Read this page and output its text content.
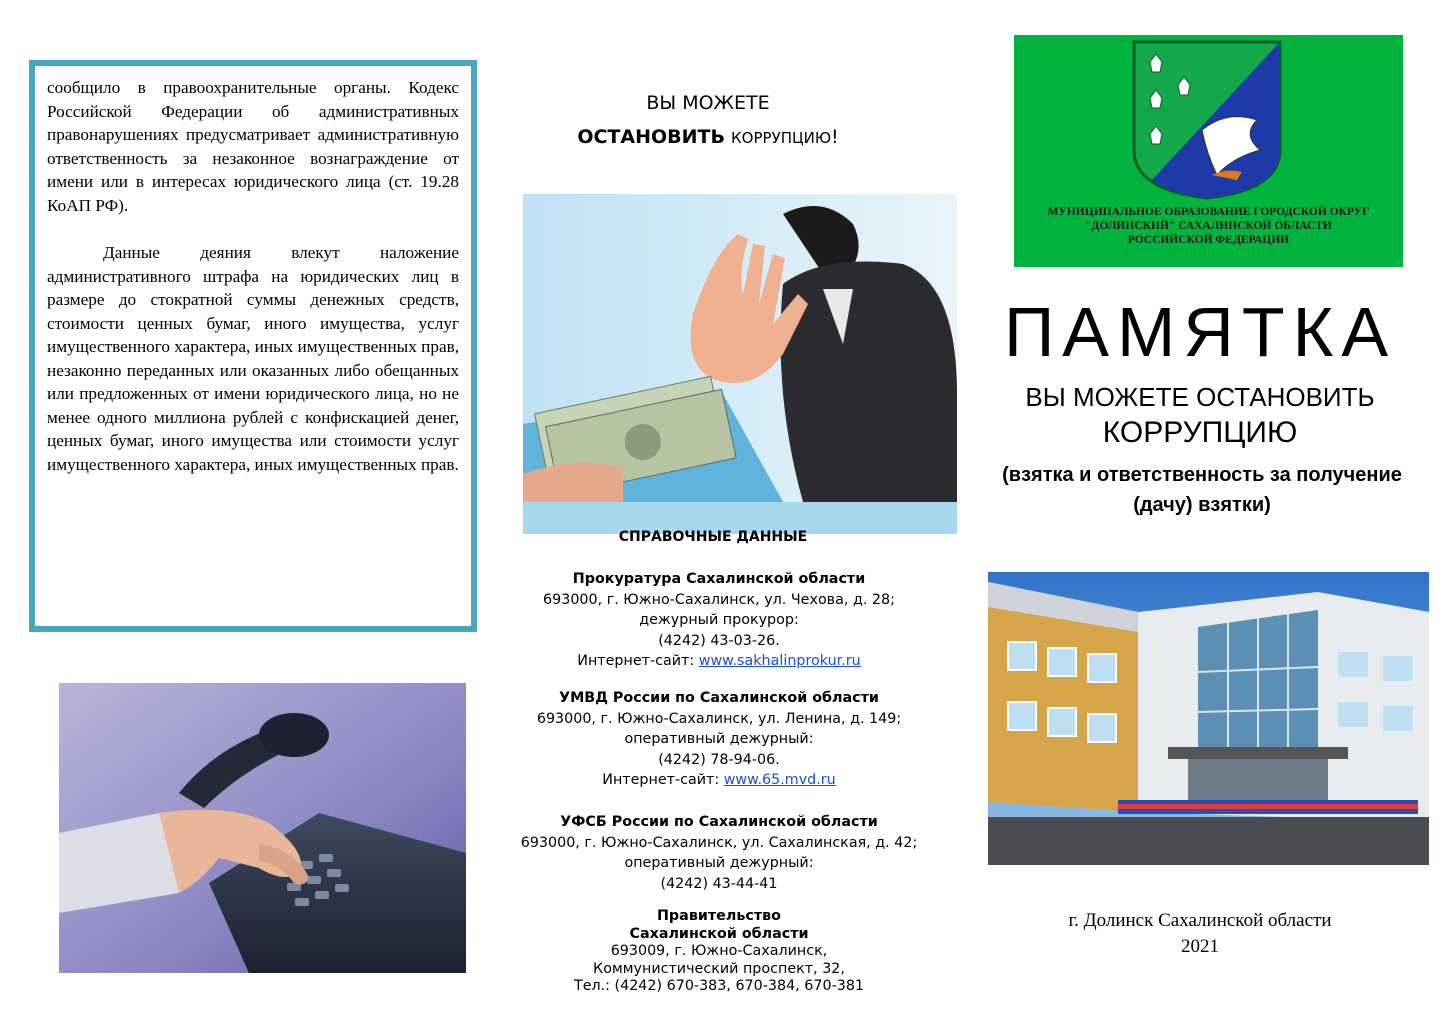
сообщило в правоохранительные органы. Кодекс Российской Федерации об административных правонарушениях предусматривает административную ответственность за незаконное вознаграждение от имени или в интересах юридического лица (ст. 19.28 КоАП РФ).

Данные деяния влекут наложение административного штрафа на юридических лиц в размере до стократной суммы денежных средств, стоимости ценных бумаг, иного имущества, услуг имущественного характера, иных имущественных прав, незаконно переданных или оказанных либо обещанных или предложенных от имени юридического лица, но не менее одного миллиона рублей с конфискацией денег, ценных бумаг, иного имущества или стоимости услуг имущественного характера, иных имущественных прав.

ВЫ МОЖЕТЕ
ОСТАНОВИТЬ КОРРУПЦИЮ!
СПРАВОЧНЫЕ ДАННЫЕ
Прокуратура Сахалинской области
693000, г. Южно-Сахалинск, ул. Чехова, д. 28;
дежурный прокурор:
(4242) 43-03-26.
Интернет-сайт: www.sakhalinprokur.ru
УМВД России по Сахалинской области
693000, г. Южно-Сахалинск, ул. Ленина, д. 149;
оперативный дежурный:
(4242) 78-94-06.
Интернет-сайт: www.65.mvd.ru
УФСБ России по Сахалинской области
693000, г. Южно-Сахалинск, ул. Сахалинская, д. 42;
оперативный дежурный:
(4242) 43-44-41
Правительство
Сахалинской области
693009, г. Южно-Сахалинск,
Коммунистический проспект, 32,
Тел.: (4242) 670-383, 670-384, 670-381
МУНИЦИПАЛЬНОЕ ОБРАЗОВАНИЕ ГОРОДСКОЙ ОКРУГ
"ДОЛИНСКИЙ" САХАЛИНСКОЙ ОБЛАСТИ
РОССИЙСКОЙ ФЕДЕРАЦИИ
ПАМЯТКА
ВЫ МОЖЕТЕ ОСТАНОВИТЬ
КОРРУПЦИЮ
(взятка и ответственность за получение
(дачу) взятки)
г. Долинск Сахалинской области
2021
